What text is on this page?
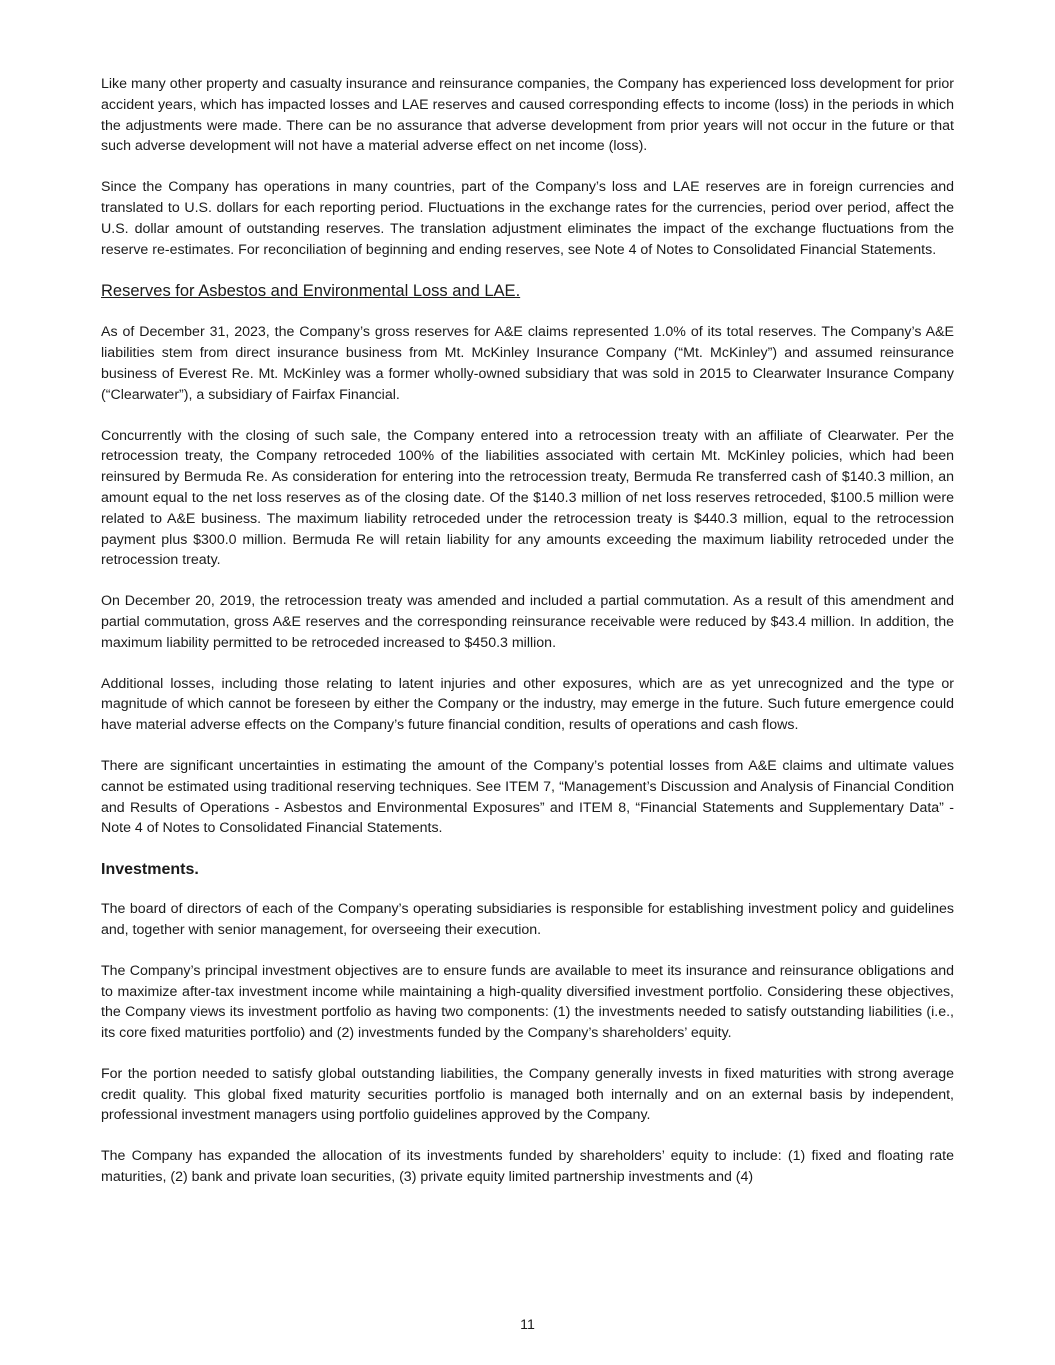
Like many other property and casualty insurance and reinsurance companies, the Company has experienced loss development for prior accident years, which has impacted losses and LAE reserves and caused corresponding effects to income (loss) in the periods in which the adjustments were made. There can be no assurance that adverse development from prior years will not occur in the future or that such adverse development will not have a material adverse effect on net income (loss).

Since the Company has operations in many countries, part of the Company’s loss and LAE reserves are in foreign currencies and translated to U.S. dollars for each reporting period. Fluctuations in the exchange rates for the currencies, period over period, affect the U.S. dollar amount of outstanding reserves. The translation adjustment eliminates the impact of the exchange fluctuations from the reserve re-estimates. For reconciliation of beginning and ending reserves, see Note 4 of Notes to Consolidated Financial Statements.

Reserves for Asbestos and Environmental Loss and LAE.

As of December 31, 2023, the Company’s gross reserves for A&E claims represented 1.0% of its total reserves. The Company’s A&E liabilities stem from direct insurance business from Mt. McKinley Insurance Company (“Mt. McKinley”) and assumed reinsurance business of Everest Re. Mt. McKinley was a former wholly-owned subsidiary that was sold in 2015 to Clearwater Insurance Company (“Clearwater”), a subsidiary of Fairfax Financial.

Concurrently with the closing of such sale, the Company entered into a retrocession treaty with an affiliate of Clearwater. Per the retrocession treaty, the Company retroceded 100% of the liabilities associated with certain Mt. McKinley policies, which had been reinsured by Bermuda Re. As consideration for entering into the retrocession treaty, Bermuda Re transferred cash of $140.3 million, an amount equal to the net loss reserves as of the closing date. Of the $140.3 million of net loss reserves retroceded, $100.5 million were related to A&E business. The maximum liability retroceded under the retrocession treaty is $440.3 million, equal to the retrocession payment plus $300.0 million. Bermuda Re will retain liability for any amounts exceeding the maximum liability retroceded under the retrocession treaty.

On December 20, 2019, the retrocession treaty was amended and included a partial commutation. As a result of this amendment and partial commutation, gross A&E reserves and the corresponding reinsurance receivable were reduced by $43.4 million. In addition, the maximum liability permitted to be retroceded increased to $450.3 million.

Additional losses, including those relating to latent injuries and other exposures, which are as yet unrecognized and the type or magnitude of which cannot be foreseen by either the Company or the industry, may emerge in the future. Such future emergence could have material adverse effects on the Company’s future financial condition, results of operations and cash flows.

There are significant uncertainties in estimating the amount of the Company’s potential losses from A&E claims and ultimate values cannot be estimated using traditional reserving techniques. See ITEM 7, “Management’s Discussion and Analysis of Financial Condition and Results of Operations - Asbestos and Environmental Exposures” and ITEM 8, “Financial Statements and Supplementary Data” - Note 4 of Notes to Consolidated Financial Statements.

Investments.

The board of directors of each of the Company’s operating subsidiaries is responsible for establishing investment policy and guidelines and, together with senior management, for overseeing their execution.

The Company’s principal investment objectives are to ensure funds are available to meet its insurance and reinsurance obligations and to maximize after-tax investment income while maintaining a high-quality diversified investment portfolio. Considering these objectives, the Company views its investment portfolio as having two components: (1) the investments needed to satisfy outstanding liabilities (i.e., its core fixed maturities portfolio) and (2) investments funded by the Company’s shareholders’ equity.

For the portion needed to satisfy global outstanding liabilities, the Company generally invests in fixed maturities with strong average credit quality. This global fixed maturity securities portfolio is managed both internally and on an external basis by independent, professional investment managers using portfolio guidelines approved by the Company.

The Company has expanded the allocation of its investments funded by shareholders’ equity to include: (1) fixed and floating rate maturities, (2) bank and private loan securities, (3) private equity limited partnership investments and (4)

11
